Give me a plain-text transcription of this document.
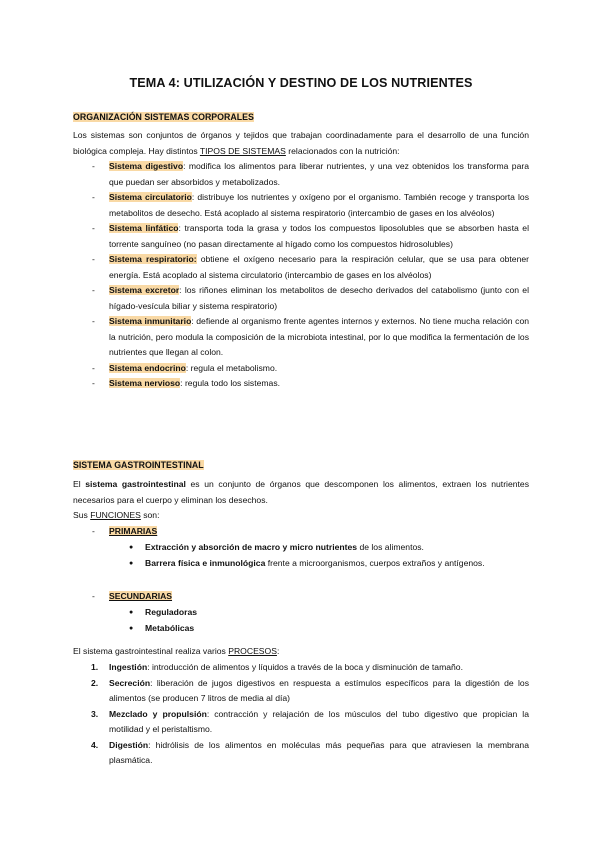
TEMA 4: UTILIZACIÓN Y DESTINO DE LOS NUTRIENTES
ORGANIZACIÓN SISTEMAS CORPORALES
Los sistemas son conjuntos de órganos y tejidos que trabajan coordinadamente para el desarrollo de una función biológica compleja. Hay distintos TIPOS DE SISTEMAS relacionados con la nutrición:
- Sistema digestivo: modifica los alimentos para liberar nutrientes, y una vez obtenidos los transforma para que puedan ser absorbidos y metabolizados.
- Sistema circulatorio: distribuye los nutrientes y oxígeno por el organismo. También recoge y transporta los metabolitos de desecho. Está acoplado al sistema respiratorio (intercambio de gases en los alvéolos)
- Sistema linfático: transporta toda la grasa y todos los compuestos liposolubles que se absorben hasta el torrente sanguíneo (no pasan directamente al hígado como los compuestos hidrosolubles)
- Sistema respiratorio: obtiene el oxígeno necesario para la respiración celular, que se usa para obtener energía. Está acoplado al sistema circulatorio (intercambio de gases en los alvéolos)
- Sistema excretor: los riñones eliminan los metabolitos de desecho derivados del catabolismo (junto con el hígado-vesícula biliar y sistema respiratorio)
- Sistema inmunitario: defiende al organismo frente agentes internos y externos. No tiene mucha relación con la nutrición, pero modula la composición de la microbiota intestinal, por lo que modifica la fermentación de los nutrientes que llegan al colon.
- Sistema endocrino: regula el metabolismo.
- Sistema nervioso: regula todo los sistemas.
SISTEMA GASTROINTESTINAL
El sistema gastrointestinal es un conjunto de órganos que descomponen los alimentos, extraen los nutrientes necesarios para el cuerpo y eliminan los desechos.
Sus FUNCIONES son:
- PRIMARIAS
● Extracción y absorción de macro y micro nutrientes de los alimentos.
● Barrera física e inmunológica frente a microorganismos, cuerpos extraños y antígenos.
- SECUNDARIAS
● Reguladoras
● Metabólicas
El sistema gastrointestinal realiza varios PROCESOS:
1. Ingestión: introducción de alimentos y líquidos a través de la boca y disminución de tamaño.
2. Secreción: liberación de jugos digestivos en respuesta a estímulos específicos para la digestión de los alimentos (se producen 7 litros de media al día)
3. Mezclado y propulsión: contracción y relajación de los músculos del tubo digestivo que propician la motilidad y el peristaltismo.
4. Digestión: hidrólisis de los alimentos en moléculas más pequeñas para que atraviesen la membrana plasmática.
